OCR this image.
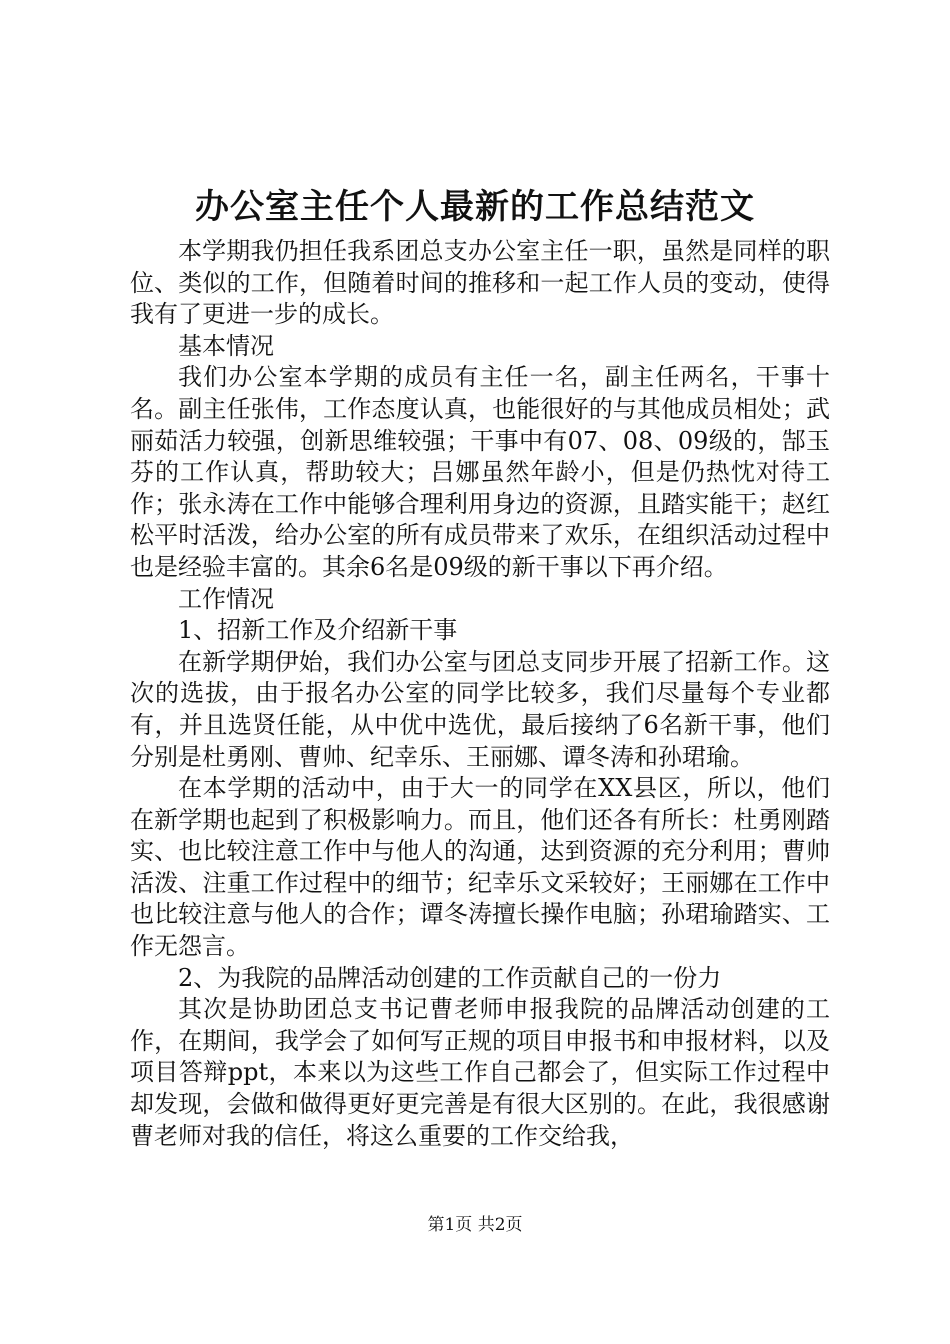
办公室主任个人最新的工作总结范文

本学期我仍担任我系团总支办公室主任一职，虽然是同样的职位、类似的工作，但随着时间的推移和一起工作人员的变动，使得我有了更进一步的成长。

基本情况

我们办公室本学期的成员有主任一名，副主任两名，干事十名。副主任张伟，工作态度认真，也能很好的与其他成员相处；武丽茹活力较强，创新思维较强；干事中有07、08、09级的，郜玉芬的工作认真，帮助较大；吕娜虽然年龄小，但是仍热忱对待工作；张永涛在工作中能够合理利用身边的资源，且踏实能干；赵红松平时活泼，给办公室的所有成员带来了欢乐，在组织活动过程中也是经验丰富的。其余6名是09级的新干事以下再介绍。

工作情况

1、招新工作及介绍新干事

在新学期伊始，我们办公室与团总支同步开展了招新工作。这次的选拔，由于报名办公室的同学比较多，我们尽量每个专业都有，并且选贤任能，从中优中选优，最后接纳了6名新干事，他们分别是杜勇刚、曹帅、纪幸乐、王丽娜、谭冬涛和孙珺瑜。

在本学期的活动中，由于大一的同学在XX县区，所以，他们在新学期也起到了积极影响力。而且，他们还各有所长：杜勇刚踏实、也比较注意工作中与他人的沟通，达到资源的充分利用；曹帅活泼、注重工作过程中的细节；纪幸乐文采较好；王丽娜在工作中也比较注意与他人的合作；谭冬涛擅长操作电脑；孙珺瑜踏实、工作无怨言。

2、为我院的品牌活动创建的工作贡献自己的一份力

其次是协助团总支书记曹老师申报我院的品牌活动创建的工作，在期间，我学会了如何写正规的项目申报书和申报材料，以及项目答辩ppt，本来以为这些工作自己都会了，但实际工作过程中却发现，会做和做得更好更完善是有很大区别的。在此，我很感谢曹老师对我的信任，将这么重要的工作交给我，

第1页 共2页
